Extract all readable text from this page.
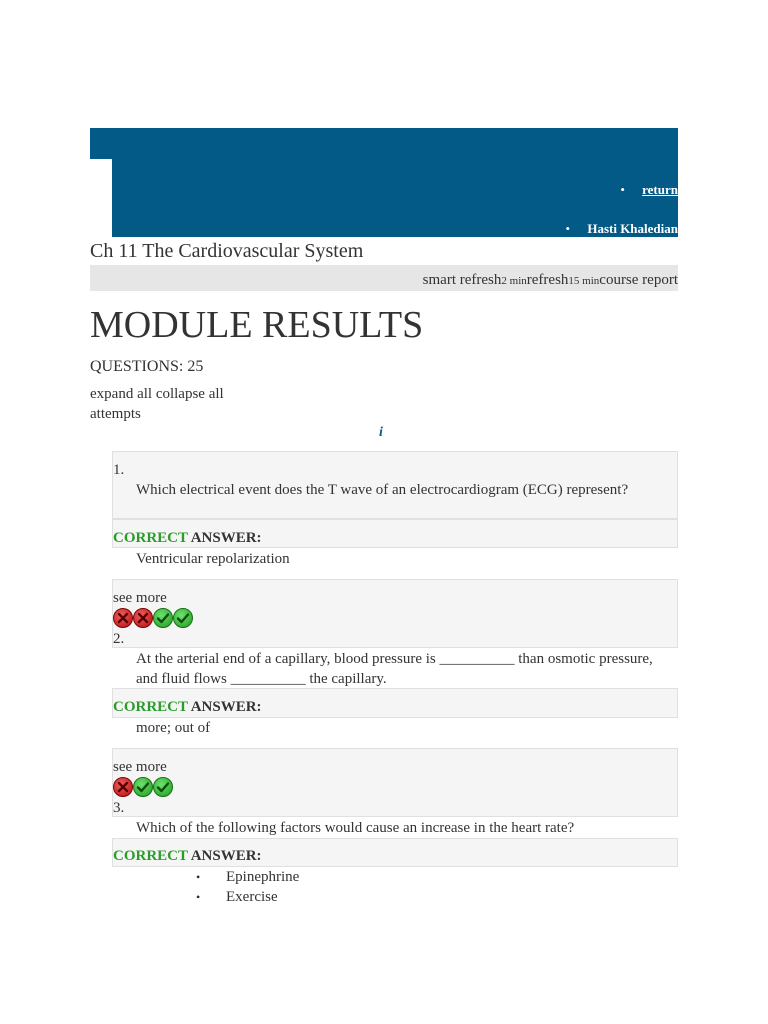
• return
• Hasti Khaledian
Ch 11 The Cardiovascular System
smart refresh2 minrefresh15 mincourse report
MODULE RESULTS
QUESTIONS: 25
expand all collapse all
attempts
i
1.
Which electrical event does the T wave of an electrocardiogram (ECG) represent?
CORRECT ANSWER:
Ventricular repolarization
see more
2.
At the arterial end of a capillary, blood pressure is __________ than osmotic pressure, and fluid flows __________ the capillary.
CORRECT ANSWER:
more; out of
see more
3.
Which of the following factors would cause an increase in the heart rate?
CORRECT ANSWER:
• Epinephrine
• Exercise
